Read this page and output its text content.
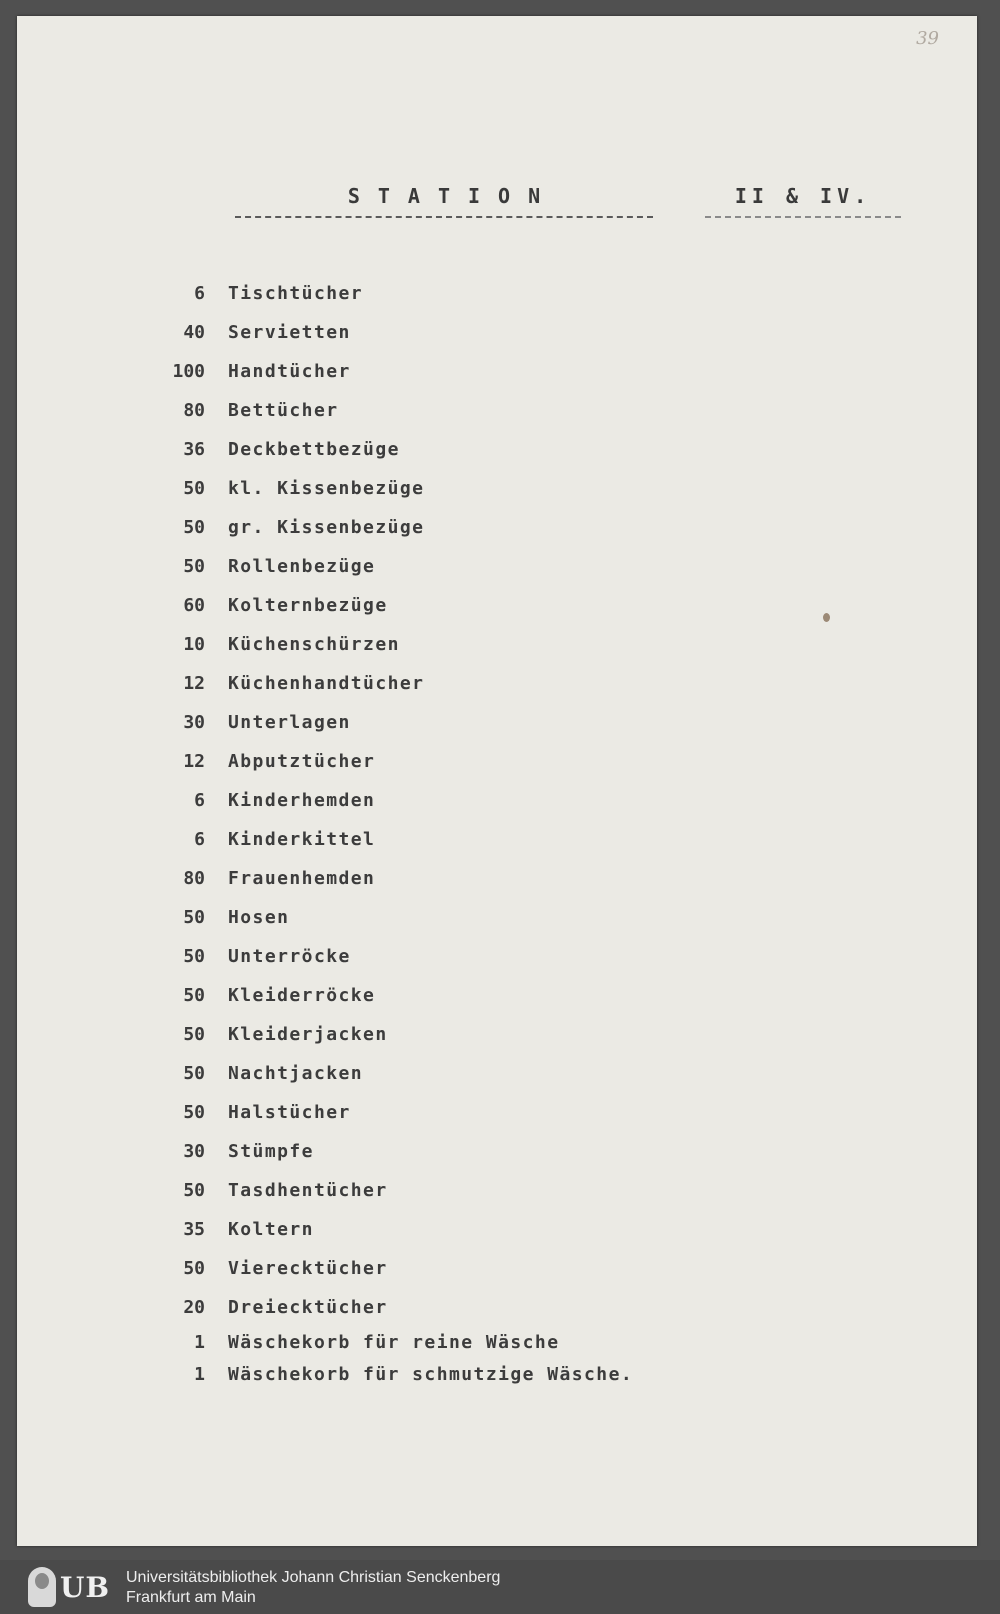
39
STATION	II & IV.
6 Tischtücher
40 Servietten
100 Handtücher
80 Bettücher
36 Deckbettbezüge
50 kl. Kissenbezüge
50 gr. Kissenbezüge
50 Rollenbezüge
60 Kolternbezüge
10 Küchenschürzen
12 Küchenhandtücher
30 Unterlagen
12 Abputztücher
6 Kinderhemden
6 Kinderkittel
80 Frauenhemden
50 Hosen
50 Unterröcke
50 Kleiderröcke
50 Kleiderjacken
50 Nachtjacken
50 Halstücher
30 Stümpfe
50 Tasdhentücher
35 Koltern
50 Vierecktücher
20 Dreiecktücher
1 Wäschekorb für reine Wäsche
1 Wäschekorb für schmutzige Wäsche.
UB Universitätsbibliothek Johann Christian Senckenberg
Frankfurt am Main
